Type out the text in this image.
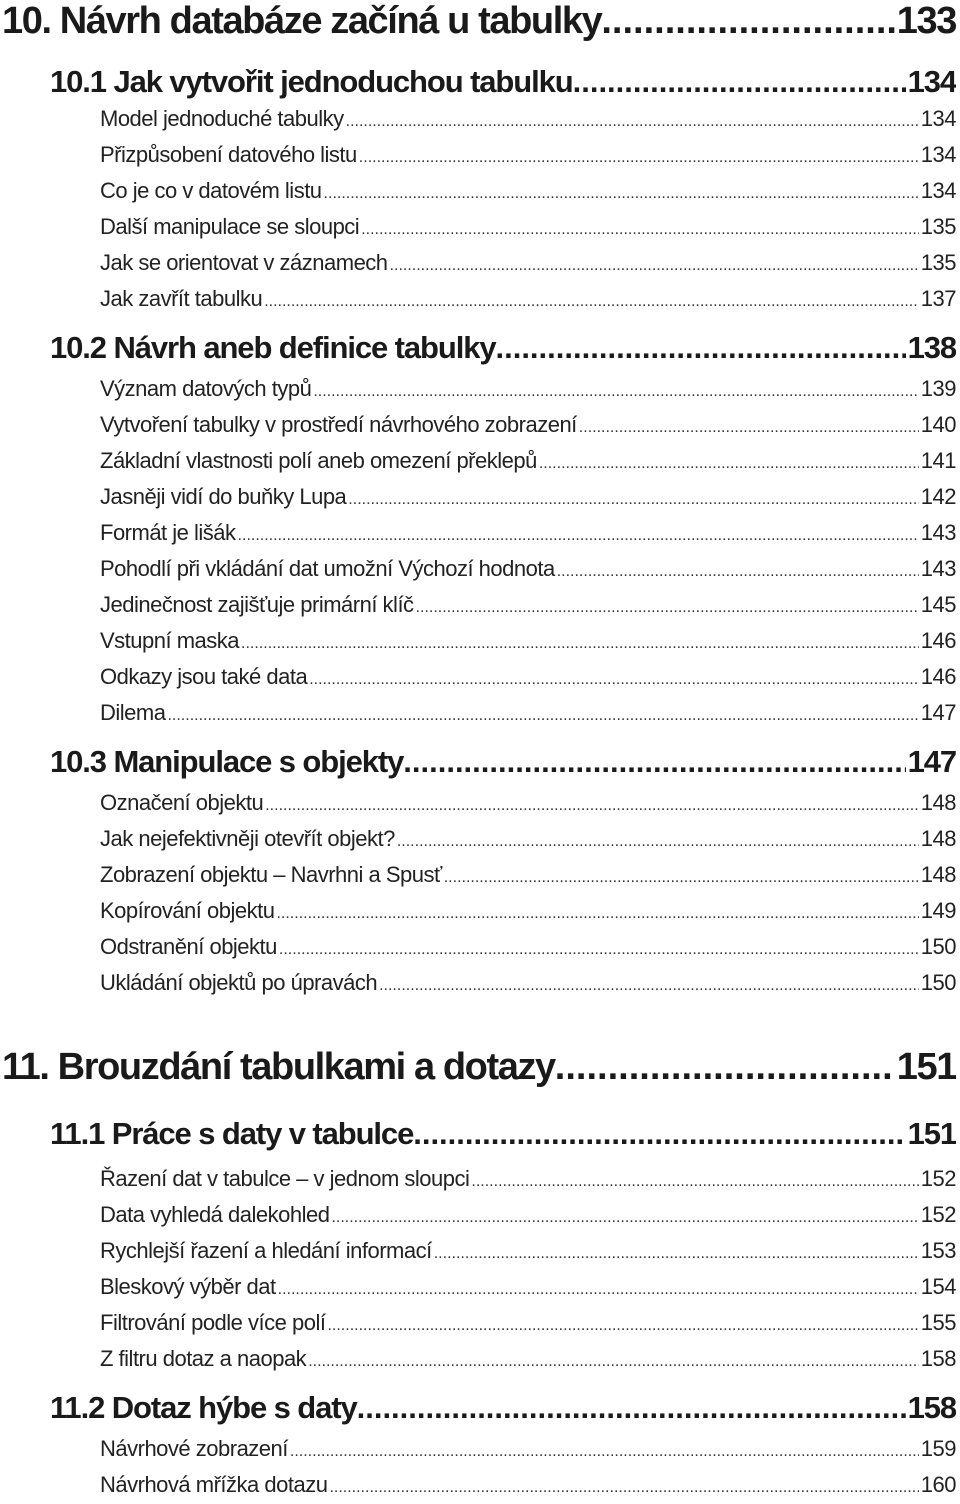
10. Návrh databáze začíná u tabulky .....	133
10.1 Jak vytvořit jednoduchou tabulku .....	134
Model jednoduché tabulky .....	134
Přizpůsobení datového listu .....	134
Co je co v datovém listu .....	134
Další manipulace se sloupci .....	135
Jak se orientovat v záznamech .....	135
Jak zavřít tabulku .....	137
10.2 Návrh aneb definice tabulky .....	138
Význam datových typů .....	139
Vytvoření tabulky v prostředí návrhového zobrazení .....	140
Základní vlastnosti polí aneb omezení překlepů .....	141
Jasněji vidí do buňky Lupa .....	142
Formát je lišák .....	143
Pohodlí při vkládání dat umožní Výchozí hodnota .....	143
Jedinečnost zajišťuje primární klíč .....	145
Vstupní maska .....	146
Odkazy jsou také data .....	146
Dilema .....	147
10.3 Manipulace s objekty .....	147
Označení objektu .....	148
Jak nejefektivněji otevřít objekt? .....	148
Zobrazení objektu – Navrhni a Spusť .....	148
Kopírování objektu .....	149
Odstranění objektu .....	150
Ukládání objektů po úpravách .....	150
11. Brouzdání tabulkami a dotazy .....	151
11.1 Práce s daty v tabulce .....	151
Řazení dat v tabulce – v jednom sloupci .....	152
Data vyhledá dalekohled .....	152
Rychlejší řazení a hledání informací .....	153
Bleskový výběr dat .....	154
Filtrování podle více polí .....	155
Z filtru dotaz a naopak .....	158
11.2 Dotaz hýbe s daty .....	158
Návrhové zobrazení .....	159
Návrhová mřížka dotazu .....	160
